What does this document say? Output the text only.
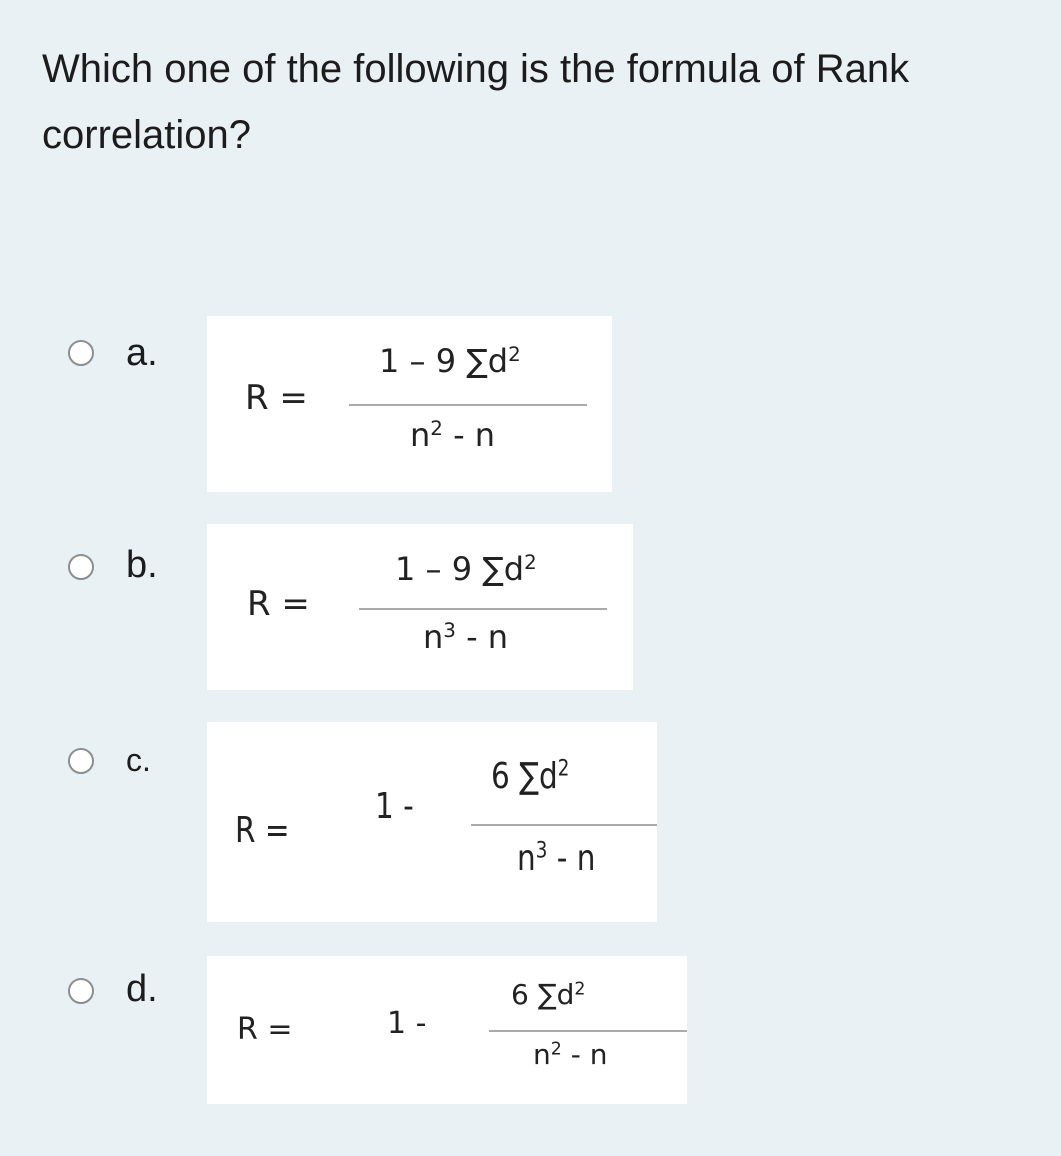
Which one of the following is the formula of Rank
correlation?
a.
R =
1 – 9 $\sum d^2$
$n^2$ - n
b.
R =
1 – 9 $\sum d^2$
$n^3$ - n
c.
R =
1 -
6 $\sum d^2$
$n^3$ - n
d.
R =	1 -
6 $\sum d^2$
$n^2$ - n
